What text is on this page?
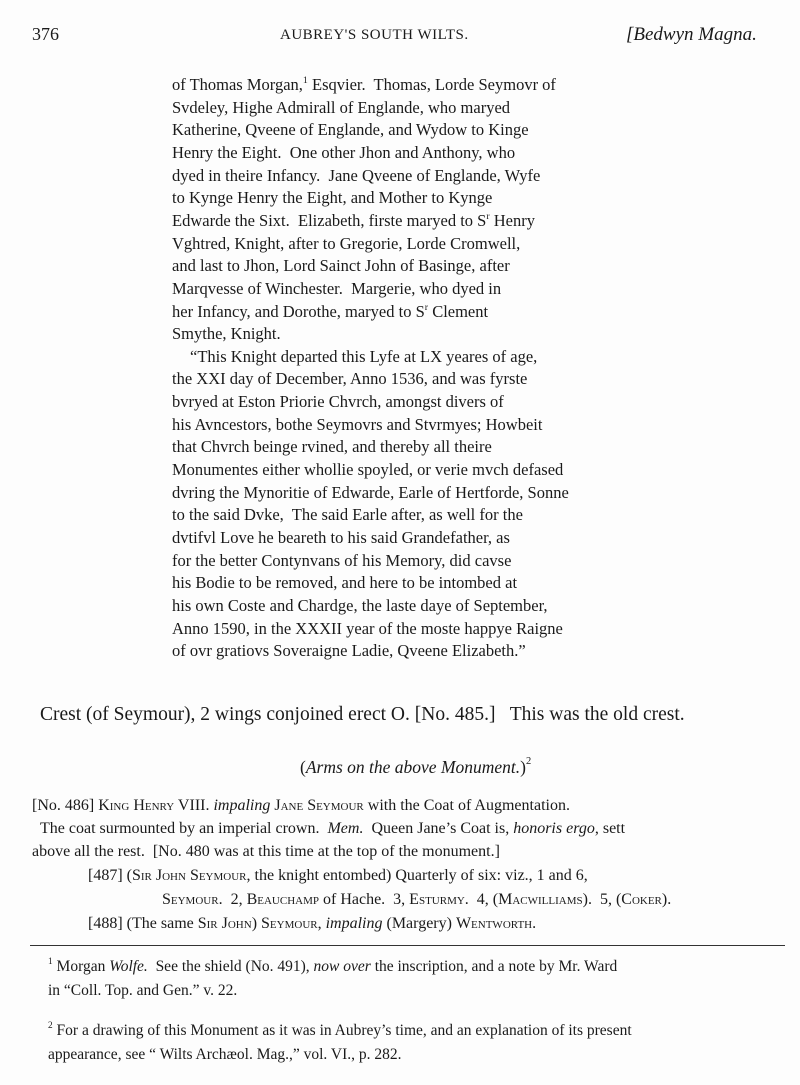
376	AUBREY'S SOUTH WILTS.	[Bedwyn Magna.
of Thomas Morgan,$^1$ Esqvier.  Thomas, Lorde Seymovr of
Svdeley, Highe Admirall of Englande, who maryed
Katherine, Qveene of Englande, and Wydow to Kinge
Henry the Eight.  One other Jhon and Anthony, who
dyed in theire Infancy.  Jane Qveene of Englande, Wyfe
to Kynge Henry the Eight, and Mother to Kynge
Edwarde the Sixt.  Elizabeth, firste maryed to $S^r$ Henry
Vghtred, Knight, after to Gregorie, Lorde Cromwell,
and last to Jhon, Lord Sainct John of Basinge, after
Marqvesse of Winchester.  Margerie, who dyed in
her Infancy, and Dorothe, maryed to $S^r$ Clement
Smythe, Knight.
“This Knight departed this Lyfe at LX yeares of age,
the XXI day of December, Anno 1536, and was fyrste
bvryed at Eston Priorie Chvrch, amongst divers of
his Avncestors, bothe Seymovrs and Stvrmyes; Howbeit
that Chvrch beinge rvined, and thereby all theire
Monumentes either whollie spoyled, or verie mvch defased
dvring the Mynoritie of Edwarde, Earle of Hertforde, Sonne
to the said Dvke,  The said Earle after, as well for the
dvtifvl Love he beareth to his said Grandefather, as
for the better Contynvans of his Memory, did cavse
his Bodie to be removed, and here to be intombed at
his own Coste and Chardge, the laste daye of September,
Anno 1590, in the XXXII year of the moste happye Raigne
of ovr gratiovs Soveraigne Ladie, Qveene Elizabeth.”
Crest (of Seymour), 2 wings conjoined erect O. [No. 485.]   This was the old crest.
(Arms on the above Monument.)$^2$
[No. 486] King Henry VIII. impaling Jane Seymour with the Coat of Augmentation.
The coat surmounted by an imperial crown.  Mem.  Queen Jane’s Coat is, honoris ergo, sett
above all the rest.  [No. 480 was at this time at the top of the monument.]
[487] (Sir John Seymour, the knight entombed) Quarterly of six: viz., 1 and 6,
Seymour.  2, Beauchamp of Hache.  3, Esturmy.  4, (Macwilliams).  5, (Coker).
[488] (The same Sir John) Seymour, impaling (Margery) Wentworth.
$^1$ Morgan Wolfe.  See the shield (No. 491), now over the inscription, and a note by Mr. Ward
in “Coll. Top. and Gen.” v. 22.
$^2$ For a drawing of this Monument as it was in Aubrey’s time, and an explanation of its present
appearance, see “ Wilts Archæol. Mag.,” vol. VI., p. 282.
